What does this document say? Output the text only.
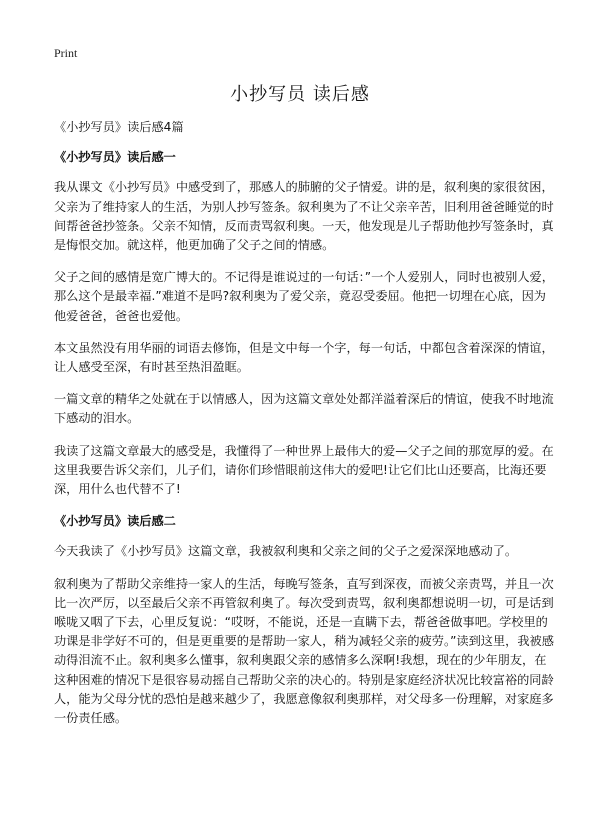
Print
小抄写员 读后感

《小抄写员》读后感4篇

《小抄写员》读后感一

我从课文《小抄写员》中感受到了，那感人的肺腑的父子情爱。讲的是，叙利奥的家很贫困，父亲为了维持家人的生活，为别人抄写签条。叙利奥为了不让父亲辛苦，旧利用爸爸睡觉的时间帮爸爸抄签条。父亲不知情，反而责骂叙利奥。一天，他发现是儿子帮助他抄写签条时，真是悔恨交加。就这样，他更加确了父子之间的情感。

父子之间的感情是宽广博大的。不记得是谁说过的一句话：”一个人爱别人，同时也被别人爱，那么这个是最幸福.”难道不是吗?叙利奥为了爱父亲，竟忍受委屈。他把一切埋在心底，因为他爱爸爸，爸爸也爱他。

本文虽然没有用华丽的词语去修饰，但是文中每一个字，每一句话，中都包含着深深的情谊，让人感受至深，有时甚至热泪盈眶。

一篇文章的精华之处就在于以情感人，因为这篇文章处处都洋溢着深后的情谊，使我不时地流下感动的泪水。

我读了这篇文章最大的感受是，我懂得了一种世界上最伟大的爱—父子之间的那宽厚的爱。在这里我要告诉父亲们，儿子们，请你们珍惜眼前这伟大的爱吧!让它们比山还要高，比海还要深，用什么也代替不了!

《小抄写员》读后感二

今天我读了《小抄写员》这篇文章，我被叙利奥和父亲之间的父子之爱深深地感动了。

叙利奥为了帮助父亲维持一家人的生活，每晚写签条，直写到深夜，而被父亲责骂，并且一次比一次严厉，以至最后父亲不再管叙利奥了。每次受到责骂，叙利奥都想说明一切，可是话到喉咙又咽了下去，心里反复说：“哎呀，不能说，还是一直瞒下去，帮爸爸做事吧。学校里的功课是非学好不可的，但是更重要的是帮助一家人，稍为减轻父亲的疲劳。”读到这里，我被感动得泪流不止。叙利奥多么懂事，叙利奥跟父亲的感情多么深啊!我想，现在的少年朋友，在这种困难的情况下是很容易动摇自己帮助父亲的决心的。特别是家庭经济状况比较富裕的同龄人，能为父母分忧的恐怕是越来越少了，我愿意像叙利奥那样，对父母多一份理解，对家庭多一份责任感。
